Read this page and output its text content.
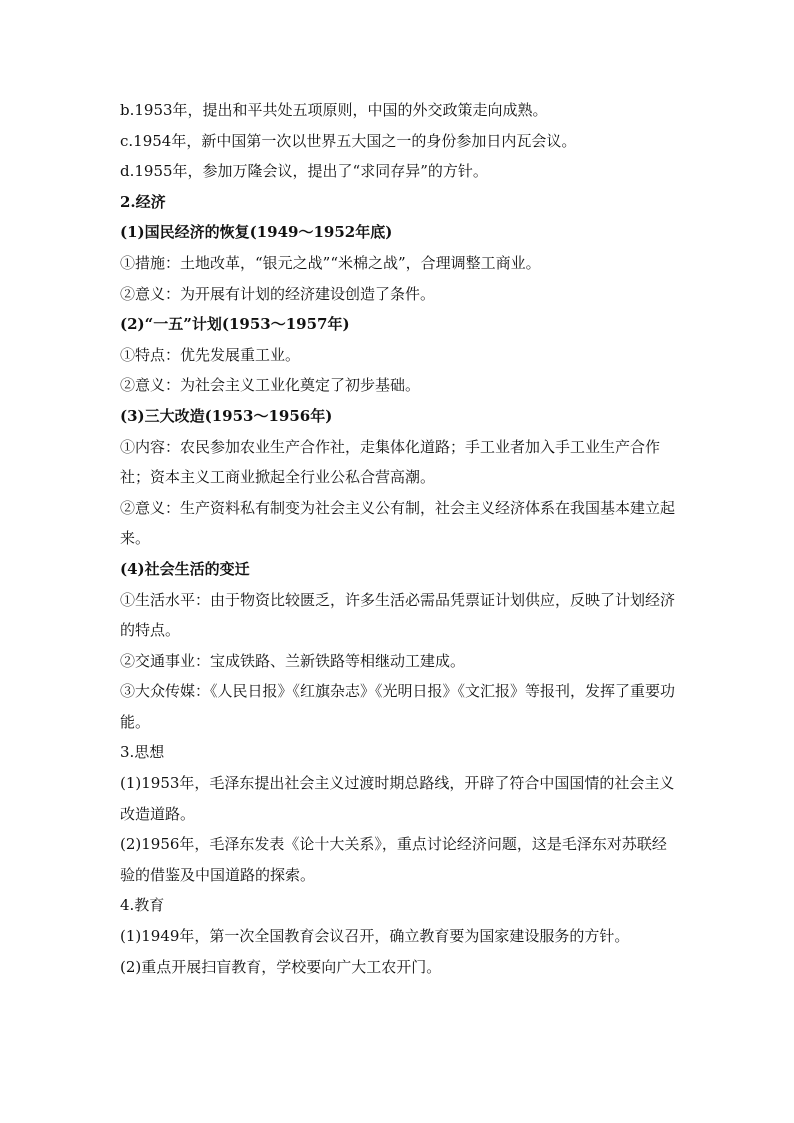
b.1953年，提出和平共处五项原则，中国的外交政策走向成熟。
c.1954年，新中国第一次以世界五大国之一的身份参加日内瓦会议。
d.1955年，参加万隆会议，提出了“求同存异”的方针。
2.经济
(1)国民经济的恢复(1949～1952年底)
①措施：土地改革，“银元之战”“米棉之战”，合理调整工商业。
②意义：为开展有计划的经济建设创造了条件。
(2)“一五”计划(1953～1957年)
①特点：优先发展重工业。
②意义：为社会主义工业化奠定了初步基础。
(3)三大改造(1953～1956年)
①内容：农民参加农业生产合作社，走集体化道路；手工业者加入手工业生产合作社；资本主义工商业掀起全行业公私合营高潮。
②意义：生产资料私有制变为社会主义公有制，社会主义经济体系在我国基本建立起来。
(4)社会生活的变迁
①生活水平：由于物资比较匮乏，许多生活必需品凭票证计划供应，反映了计划经济的特点。
②交通事业：宝成铁路、兰新铁路等相继动工建成。
③大众传媒：《人民日报》《红旗杂志》《光明日报》《文汇报》等报刊，发挥了重要功能。
3.思想
(1)1953年，毛泽东提出社会主义过渡时期总路线，开辟了符合中国国情的社会主义改造道路。
(2)1956年，毛泽东发表《论十大关系》，重点讨论经济问题，这是毛泽东对苏联经验的借鉴及中国道路的探索。
4.教育
(1)1949年，第一次全国教育会议召开，确立教育要为国家建设服务的方针。
(2)重点开展扫盲教育，学校要向广大工农开门。
